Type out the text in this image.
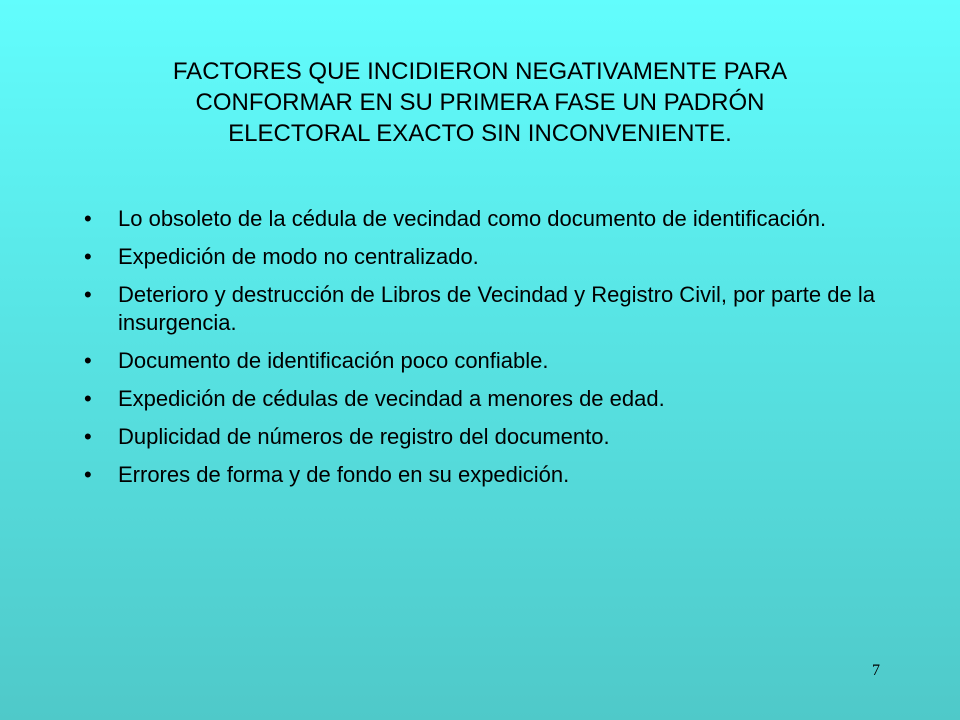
FACTORES QUE INCIDIERON NEGATIVAMENTE PARA
CONFORMAR EN SU PRIMERA FASE UN PADRÓN
ELECTORAL EXACTO SIN INCONVENIENTE.
• Lo obsoleto de la cédula de vecindad como documento de identificación.
• Expedición de modo no centralizado.
• Deterioro y destrucción de Libros de Vecindad y Registro Civil, por parte de la insurgencia.
• Documento de identificación poco confiable.
• Expedición de cédulas de vecindad a menores de edad.
• Duplicidad de números de registro del documento.
• Errores de forma y de fondo en su expedición.
7
